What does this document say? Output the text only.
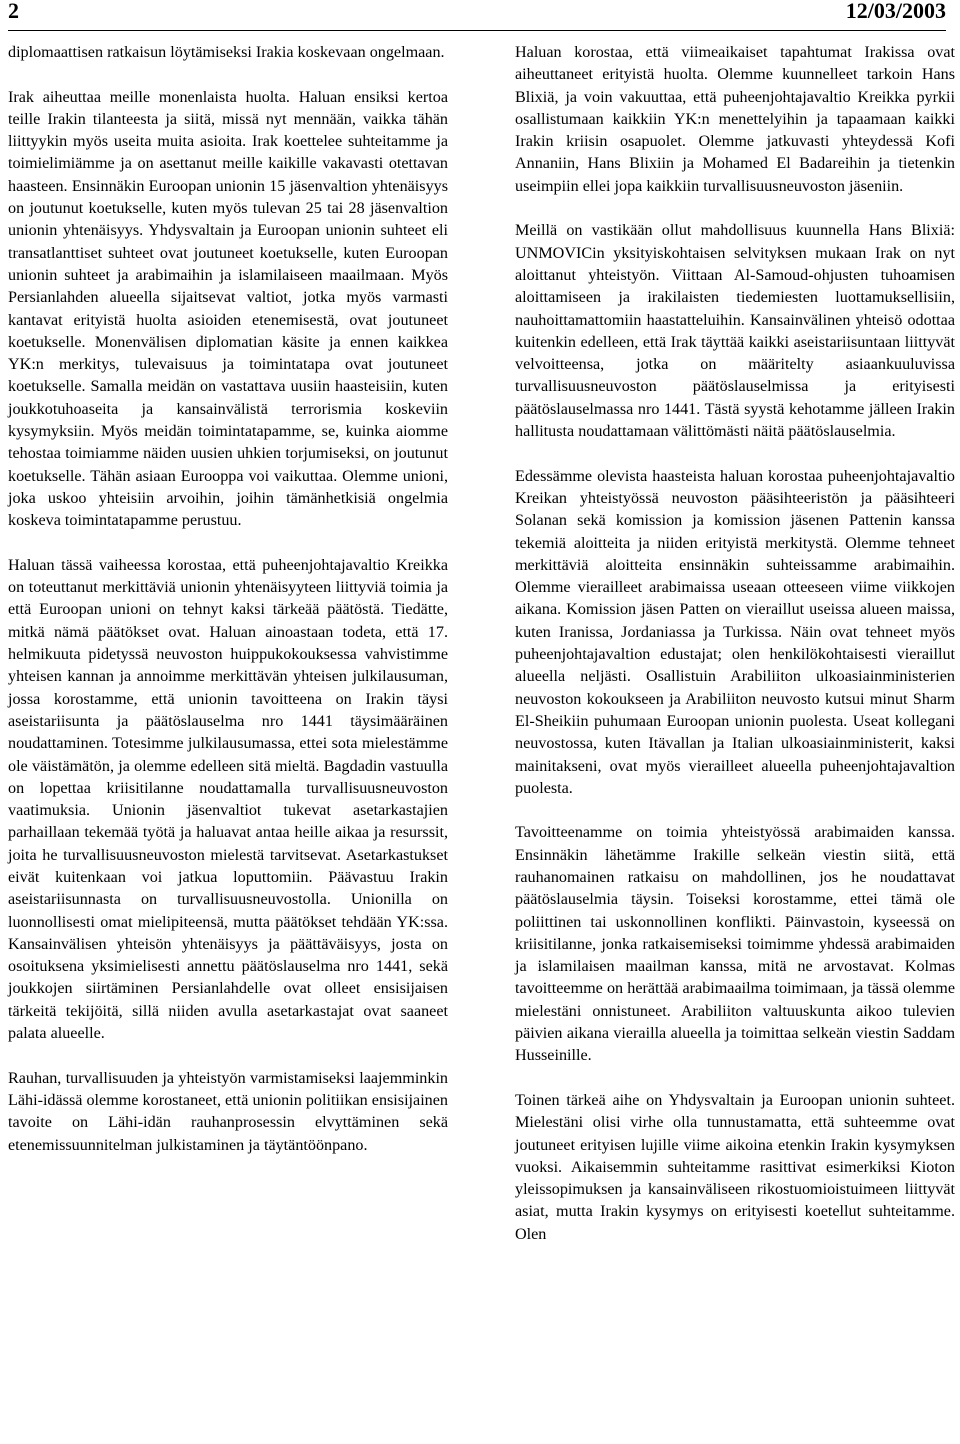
2	12/03/2003

diplomaattisen ratkaisun löytämiseksi Irakia koskevaan ongelmaan.

Irak aiheuttaa meille monenlaista huolta. Haluan ensiksi kertoa teille Irakin tilanteesta ja siitä, missä nyt mennään, vaikka tähän liittyykin myös useita muita asioita. Irak koettelee suhteitamme ja toimielimiämme ja on asettanut meille kaikille vakavasti otettavan haasteen. Ensinnäkin Euroopan unionin 15 jäsenvaltion yhtenäisyys on joutunut koetukselle, kuten myös tulevan 25 tai 28 jäsenvaltion unionin yhtenäisyys. Yhdysvaltain ja Euroopan unionin suhteet eli transatlanttiset suhteet ovat joutuneet koetukselle, kuten Euroopan unionin suhteet ja arabimaihin ja islamilaiseen maailmaan. Myös Persianlahden alueella sijaitsevat valtiot, jotka myös varmasti kantavat erityistä huolta asioiden etenemisestä, ovat joutuneet koetukselle. Monenvälisen diplomatian käsite ja ennen kaikkea YK:n merkitys, tulevaisuus ja toimintatapa ovat joutuneet koetukselle. Samalla meidän on vastattava uusiin haasteisiin, kuten joukkotuhoaseita ja kansainvälistä terrorismia koskeviin kysymyksiin. Myös meidän toimintatapamme, se, kuinka aiomme tehostaa toimiamme näiden uusien uhkien torjumiseksi, on joutunut koetukselle. Tähän asiaan Eurooppa voi vaikuttaa. Olemme unioni, joka uskoo yhteisiin arvoihin, joihin tämänhetkisiä ongelmia koskeva toimintatapamme perustuu.

Haluan tässä vaiheessa korostaa, että puheenjohtajavaltio Kreikka on toteuttanut merkittäviä unionin yhtenäisyyteen liittyviä toimia ja että Euroopan unioni on tehnyt kaksi tärkeää päätöstä. Tiedätte, mitkä nämä päätökset ovat. Haluan ainoastaan todeta, että 17. helmikuuta pidetyssä neuvoston huippukokouksessa vahvistimme yhteisen kannan ja annoimme merkittävän yhteisen julkilausuman, jossa korostamme, että unionin tavoitteena on Irakin täysi aseistariisunta ja päätöslauselma nro 1441 täysimääräinen noudattaminen. Totesimme julkilausumassa, ettei sota mielestämme ole väistämätön, ja olemme edelleen sitä mieltä. Bagdadin vastuulla on lopettaa kriisitilanne noudattamalla turvallisuusneuvoston vaatimuksia. Unionin jäsenvaltiot tukevat asetarkastajien parhaillaan tekemää työtä ja haluavat antaa heille aikaa ja resurssit, joita he turvallisuusneuvoston mielestä tarvitsevat. Asetarkastukset eivät kuitenkaan voi jatkua loputtomiin. Päävastuu Irakin aseistariisunnasta on turvallisuusneuvostolla. Unionilla on luonnollisesti omat mielipiteensä, mutta päätökset tehdään YK:ssa. Kansainvälisen yhteisön yhtenäisyys ja päättäväisyys, josta on osoituksena yksimielisesti annettu päätöslauselma nro 1441, sekä joukkojen siirtäminen Persianlahdelle ovat olleet ensisijaisen tärkeitä tekijöitä, sillä niiden avulla asetarkastajat ovat saaneet palata alueelle.

Rauhan, turvallisuuden ja yhteistyön varmistamiseksi laajemminkin Lähi-idässä olemme korostaneet, että unionin politiikan ensisijainen tavoite on Lähi-idän rauhanprosessin elvyttäminen sekä etenemissuunnitelman julkistaminen ja täytäntöönpano.

Haluan korostaa, että viimeaikaiset tapahtumat Irakissa ovat aiheuttaneet erityistä huolta. Olemme kuunnelleet tarkoin Hans Blixiä, ja voin vakuuttaa, että puheenjohtajavaltio Kreikka pyrkii osallistumaan kaikkiin YK:n menettelyihin ja tapaamaan kaikki Irakin kriisin osapuolet. Olemme jatkuvasti yhteydessä Kofi Annaniin, Hans Blixiin ja Mohamed El Badareihin ja tietenkin useimpiin ellei jopa kaikkiin turvallisuusneuvoston jäseniin.

Meillä on vastikään ollut mahdollisuus kuunnella Hans Blixiä: UNMOVICin yksityiskohtaisen selvityksen mukaan Irak on nyt aloittanut yhteistyön. Viittaan Al-Samoud-ohjusten tuhoamisen aloittamiseen ja irakilaisten tiedemiesten luottamuksellisiin, nauhoittamattomiin haastatteluihin. Kansainvälinen yhteisö odottaa kuitenkin edelleen, että Irak täyttää kaikki aseistariisuntaan liittyvät velvoitteensa, jotka on määritelty asiaankuuluvissa turvallisuusneuvoston päätöslauselmissa ja erityisesti päätöslauselmassa nro 1441. Tästä syystä kehotamme jälleen Irakin hallitusta noudattamaan välittömästi näitä päätöslauselmia.

Edessämme olevista haasteista haluan korostaa puheenjohtajavaltio Kreikan yhteistyössä neuvoston pääsihteeristön ja pääsihteeri Solanan sekä komission ja komission jäsenen Pattenin kanssa tekemiä aloitteita ja niiden erityistä merkitystä. Olemme tehneet merkittäviä aloitteita ensinnäkin suhteissamme arabimaihin. Olemme vierailleet arabimaissa useaan otteeseen viime viikkojen aikana. Komission jäsen Patten on vieraillut useissa alueen maissa, kuten Iranissa, Jordaniassa ja Turkissa. Näin ovat tehneet myös puheenjohtajavaltion edustajat; olen henkilökohtaisesti vieraillut alueella neljästi. Osallistuin Arabiliiton ulkoasiainministerien neuvoston kokoukseen ja Arabiliiton neuvosto kutsui minut Sharm El-Sheikiin puhumaan Euroopan unionin puolesta. Useat kollegani neuvostossa, kuten Itävallan ja Italian ulkoasiainministerit, kaksi mainitakseni, ovat myös vierailleet alueella puheenjohtajavaltion puolesta.

Tavoitteenamme on toimia yhteistyössä arabimaiden kanssa. Ensinnäkin lähetämme Irakille selkeän viestin siitä, että rauhanomainen ratkaisu on mahdollinen, jos he noudattavat päätöslauselmia täysin. Toiseksi korostamme, ettei tämä ole poliittinen tai uskonnollinen konflikti. Päinvastoin, kyseessä on kriisitilanne, jonka ratkaisemiseksi toimimme yhdessä arabimaiden ja islamilaisen maailman kanssa, mitä ne arvostavat. Kolmas tavoitteemme on herättää arabimaailma toimimaan, ja tässä olemme mielestäni onnistuneet. Arabiliiton valtuuskunta aikoo tulevien päivien aikana vierailla alueella ja toimittaa selkeän viestin Saddam Husseinille.

Toinen tärkeä aihe on Yhdysvaltain ja Euroopan unionin suhteet. Mielestäni olisi virhe olla tunnustamatta, että suhteemme ovat joutuneet erityisen lujille viime aikoina etenkin Irakin kysymyksen vuoksi. Aikaisemmin suhteitamme rasittivat esimerkiksi Kioton yleissopimuksen ja kansainväliseen rikostuomioistuimeen liittyvät asiat, mutta Irakin kysymys on erityisesti koetellut suhteitamme. Olen
